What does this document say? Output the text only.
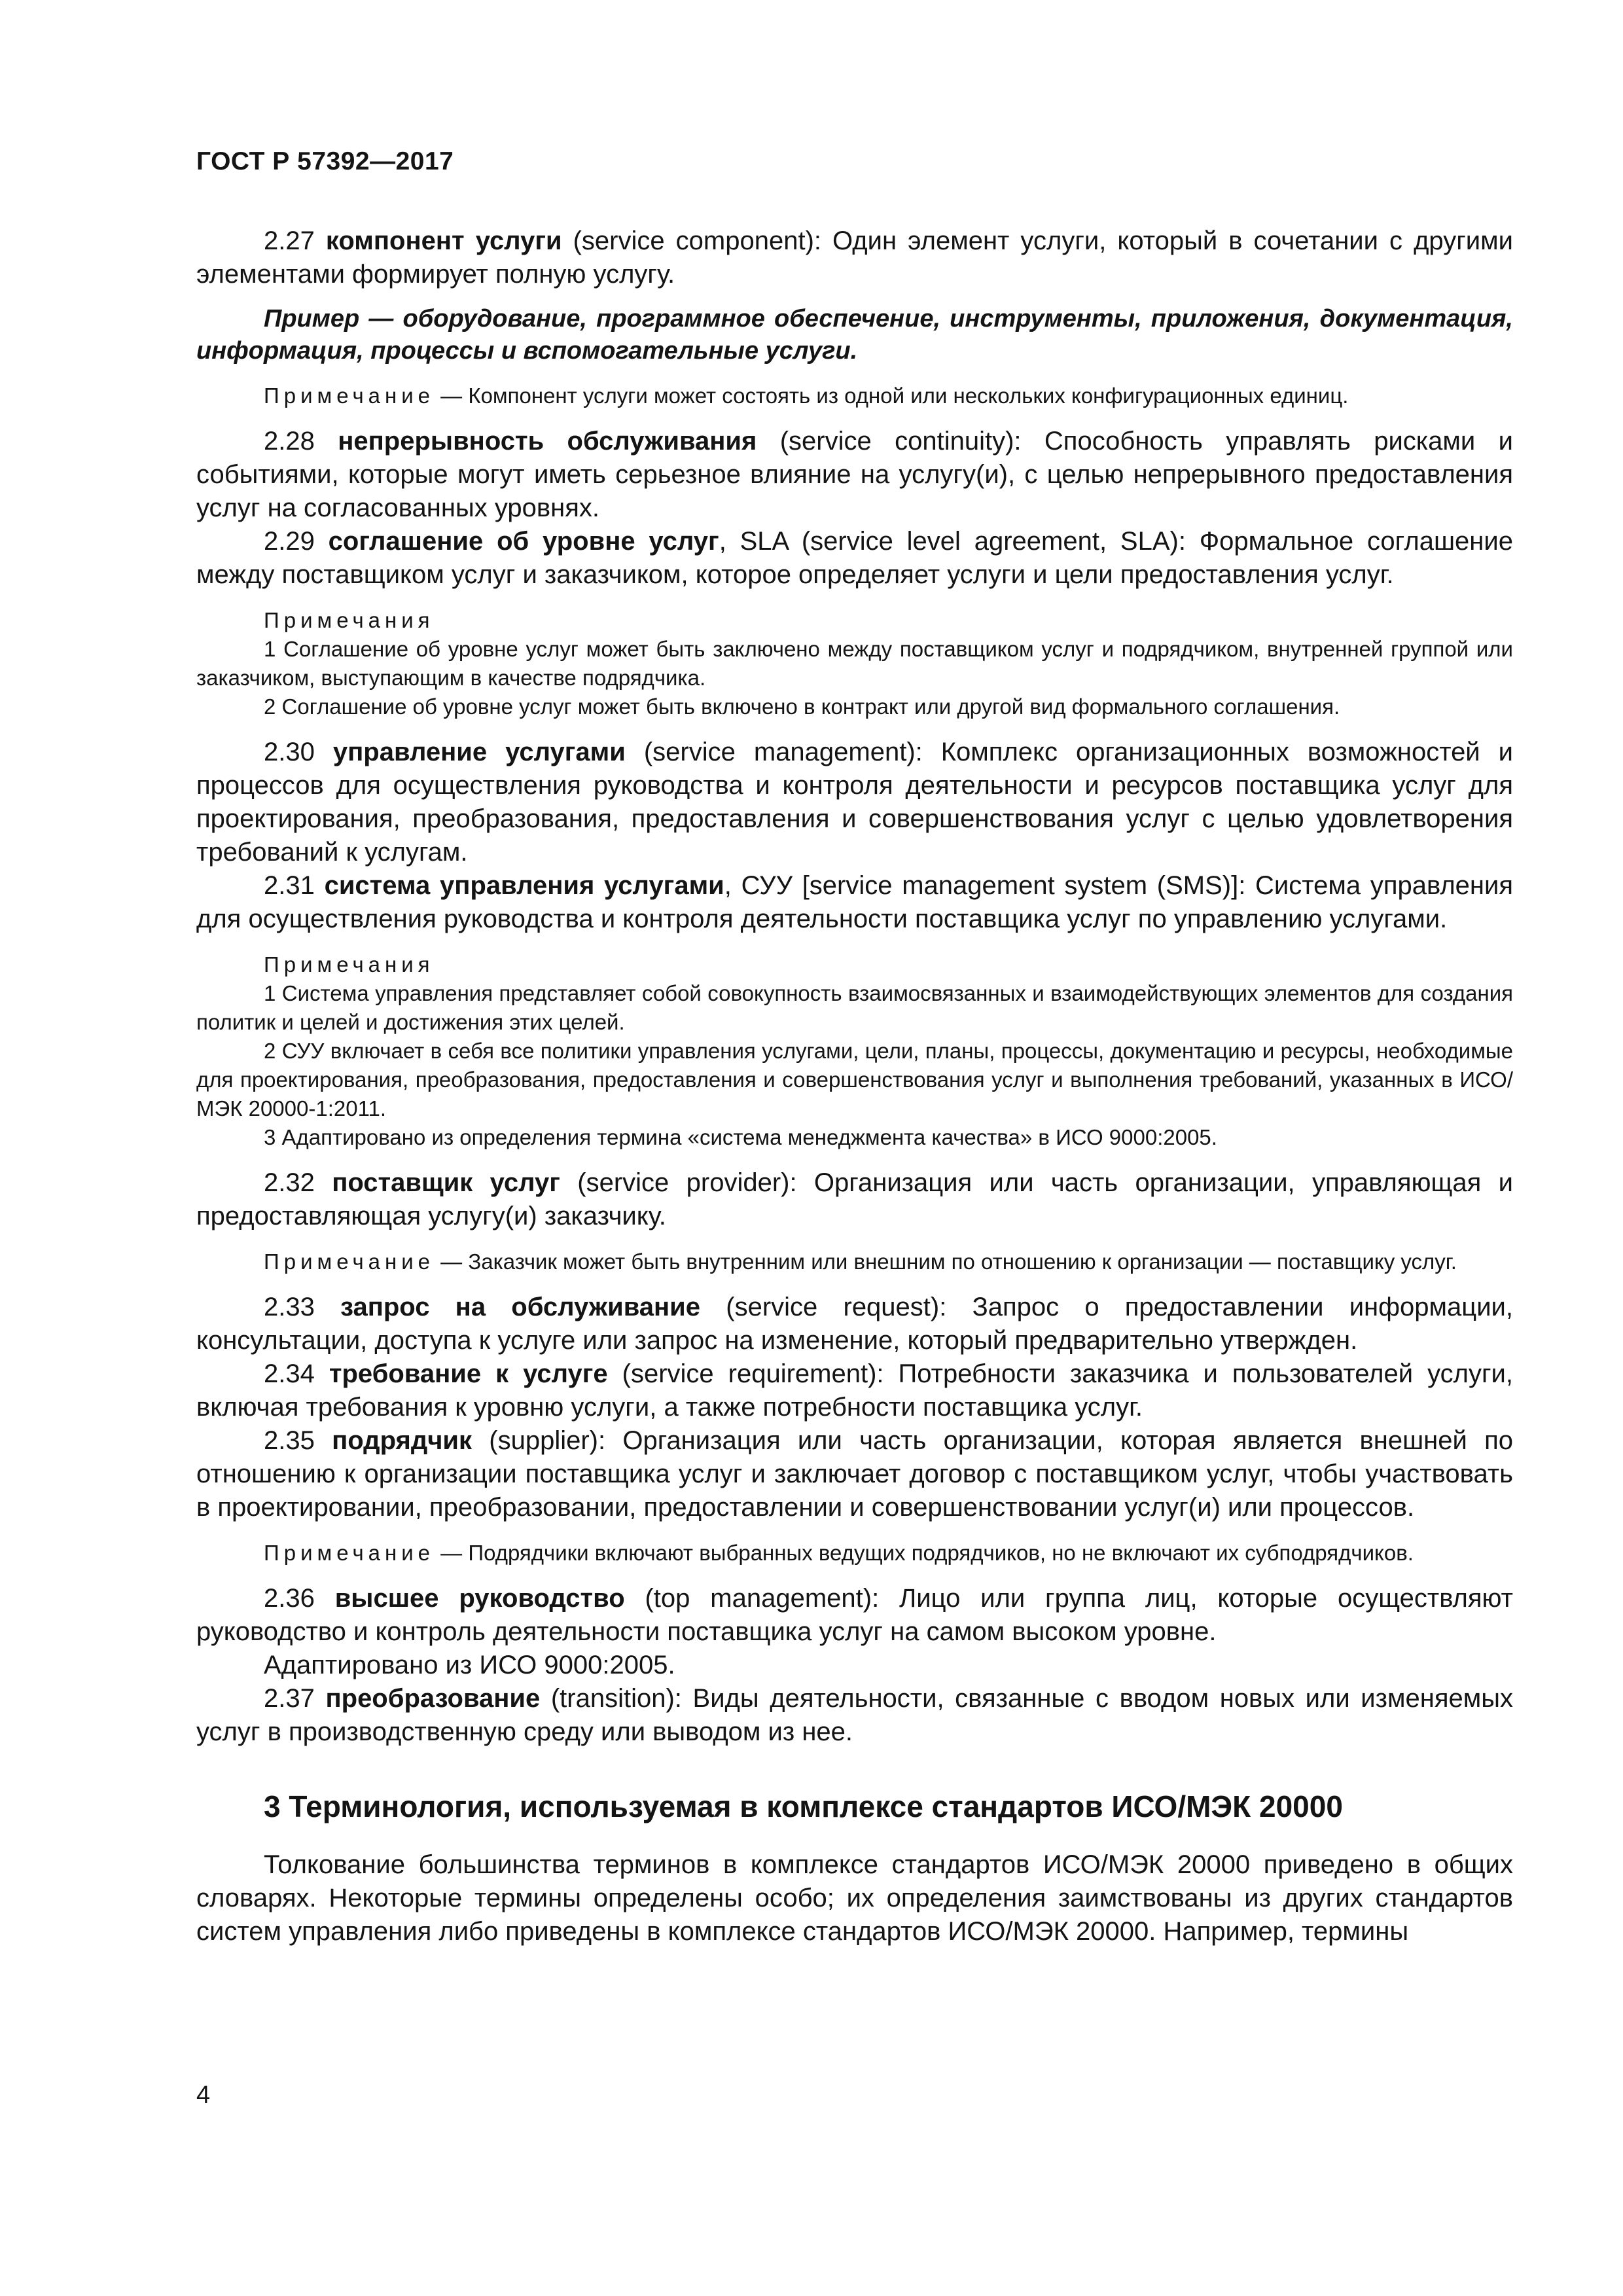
ГОСТ Р 57392—2017

2.27 компонент услуги (service component): Один элемент услуги, который в сочетании с другими элементами формирует полную услугу.

Пример — оборудование, программное обеспечение, инструменты, приложения, документация, информация, процессы и вспомогательные услуги.

Примечание — Компонент услуги может состоять из одной или нескольких конфигурационных единиц.

2.28 непрерывность обслуживания (service continuity): Способность управлять рисками и событиями, которые могут иметь серьезное влияние на услугу(и), с целью непрерывного предоставления услуг на согласованных уровнях.

2.29 соглашение об уровне услуг, SLA (service level agreement, SLA): Формальное соглашение между поставщиком услуг и заказчиком, которое определяет услуги и цели предоставления услуг.

Примечания

1 Соглашение об уровне услуг может быть заключено между поставщиком услуг и подрядчиком, внутренней группой или заказчиком, выступающим в качестве подрядчика.

2 Соглашение об уровне услуг может быть включено в контракт или другой вид формального соглашения.

2.30 управление услугами (service management): Комплекс организационных возможностей и процессов для осуществления руководства и контроля деятельности и ресурсов поставщика услуг для проектирования, преобразования, предоставления и совершенствования услуг с целью удовлетворения требований к услугам.

2.31 система управления услугами, СУУ [service management system (SMS)]: Система управления для осуществления руководства и контроля деятельности поставщика услуг по управлению услугами.

Примечания

1 Система управления представляет собой совокупность взаимосвязанных и взаимодействующих элементов для создания политик и целей и достижения этих целей.

2 СУУ включает в себя все политики управления услугами, цели, планы, процессы, документацию и ресурсы, необходимые для проектирования, преобразования, предоставления и совершенствования услуг и выполнения требований, указанных в ИСО/МЭК 20000-1:2011.

3 Адаптировано из определения термина «система менеджмента качества» в ИСО 9000:2005.

2.32 поставщик услуг (service provider): Организация или часть организации, управляющая и предоставляющая услугу(и) заказчику.

Примечание — Заказчик может быть внутренним или внешним по отношению к организации — поставщику услуг.

2.33 запрос на обслуживание (service request): Запрос о предоставлении информации, консультации, доступа к услуге или запрос на изменение, который предварительно утвержден.

2.34 требование к услуге (service requirement): Потребности заказчика и пользователей услуги, включая требования к уровню услуги, а также потребности поставщика услуг.

2.35 подрядчик (supplier): Организация или часть организации, которая является внешней по отношению к организации поставщика услуг и заключает договор с поставщиком услуг, чтобы участвовать в проектировании, преобразовании, предоставлении и совершенствовании услуг(и) или процессов.

Примечание — Подрядчики включают выбранных ведущих подрядчиков, но не включают их субподрядчиков.

2.36 высшее руководство (top management): Лицо или группа лиц, которые осуществляют руководство и контроль деятельности поставщика услуг на самом высоком уровне.

Адаптировано из ИСО 9000:2005.

2.37 преобразование (transition): Виды деятельности, связанные с вводом новых или изменяемых услуг в производственную среду или выводом из нее.

3 Терминология, используемая в комплексе стандартов ИСО/МЭК 20000

Толкование большинства терминов в комплексе стандартов ИСО/МЭК 20000 приведено в общих словарях. Некоторые термины определены особо; их определения заимствованы из других стандартов систем управления либо приведены в комплексе стандартов ИСО/МЭК 20000. Например, термины

4
